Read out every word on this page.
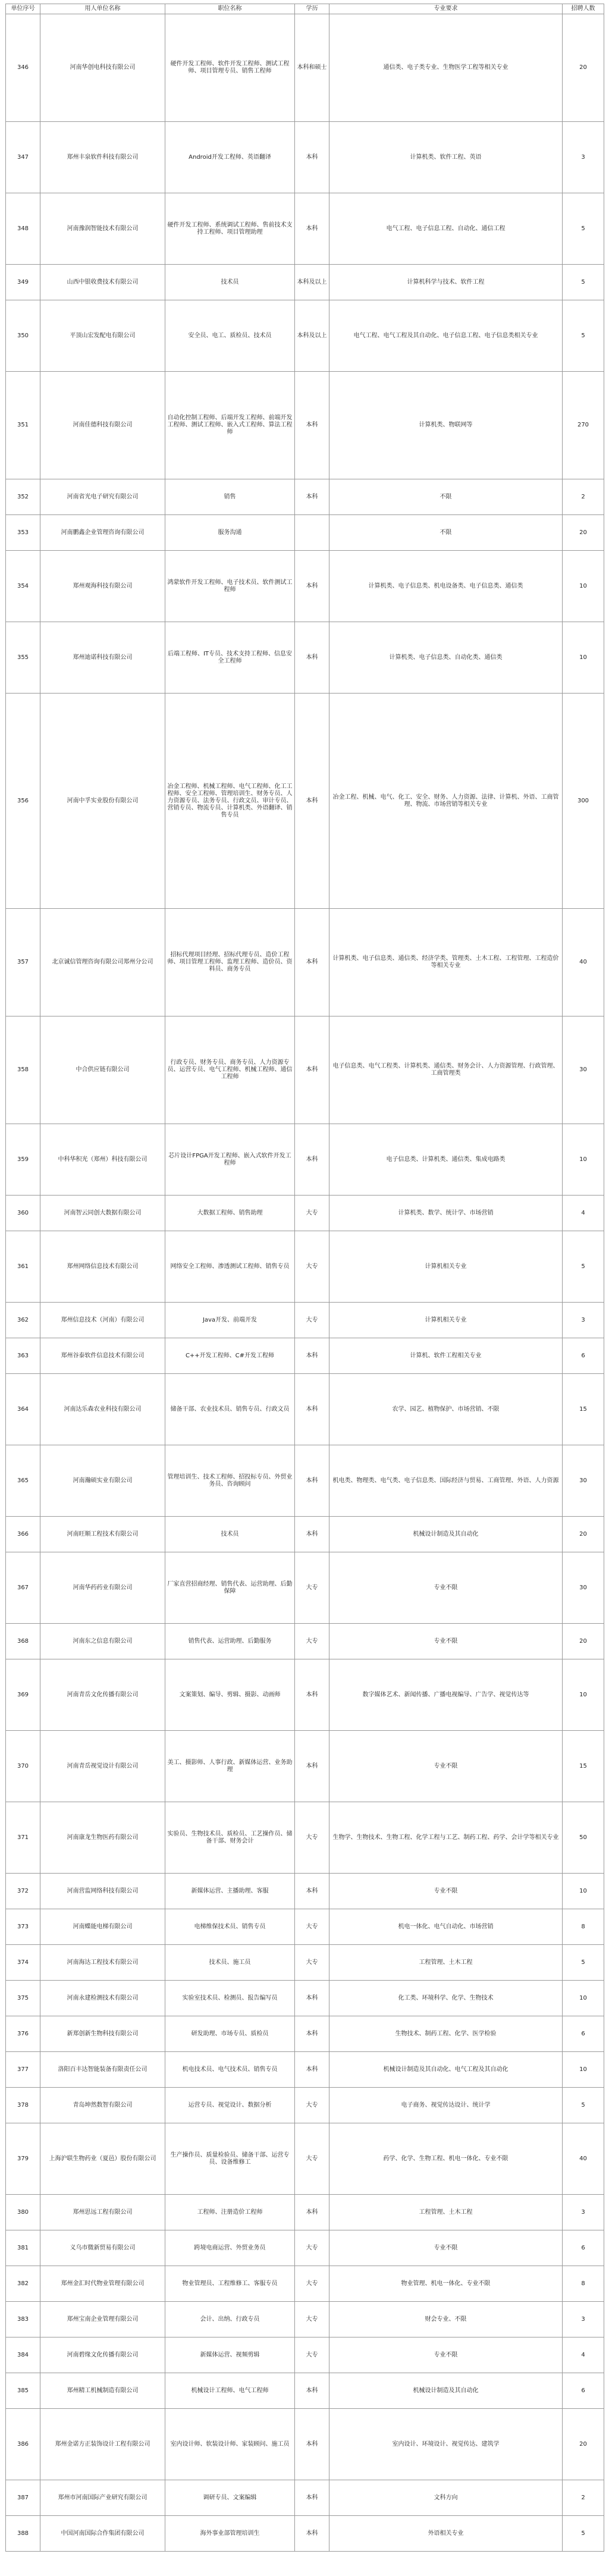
单位序号	用人单位名称	职位名称	学历	专业要求	招聘人数
346	河南华创电科技有限公司	硬件开发工程师、软件开发工程师、测试工程师、项目管理专员、销售工程师	本科和硕士	通信类、电子类专业、生物医学工程等相关专业	20
347	郑州丰泉软件科技有限公司	Android开发工程师、英语翻译	本科	计算机类、软件工程、英语	3
348	河南豫润智能技术有限公司	硬件开发工程师、系统调试工程师、售前技术支持工程师、项目管理助理	本科	电气工程、电子信息工程、自动化、通信工程	5
349	山西中银收费技术有限公司	技术员	本科及以上	计算机科学与技术、软件工程	5
350	平顶山宏发配电有限公司	安全员、电工、质检员、技术员	本科及以上	电气工程、电气工程及其自动化、电子信息工程、电子信息类相关专业	5
351	河南佳德科技有限公司	自动化控制工程师、后端开发工程师、前端开发工程师、测试工程师、嵌入式工程师、算法工程师	本科	计算机类、物联网等	270
352	河南省光电子研究有限公司	销售	本科	不限	2
353	河南鹏鑫企业管理咨询有限公司	服务沟通		不限	20
354	郑州观海科技有限公司	鸿蒙软件开发工程师、电子技术员、软件测试工程师	本科	计算机类、电子信息类、机电设备类、电子信息类、通信类	10
355	郑州迪诺科技有限公司	后端工程师、IT专员、技术支持工程师、信息安全工程师	本科	计算机类、电子信息类、自动化类、通信类	10
356	河南中孚实业股份有限公司	冶金工程师、机械工程师、电气工程师、化工工程师、安全工程师、管理培训生、财务专员、人力资源专员、法务专员、行政文员、审计专员、营销专员、物流专员、计算机类、外语翻译、销售专员	本科	冶金工程、机械、电气、化工、安全、财务、人力资源、法律、计算机、外语、工商管理、物流、市场营销等相关专业	300
357	北京诚信管理咨询有限公司郑州分公司	招标代理项目经理、招标代理专员、造价工程师、项目管理工程师、监理工程师、造价员、资料员、商务专员	本科	计算机类、电子信息类、通信类、经济学类、管理类、土木工程、工程管理、工程造价等相关专业	40
358	中合供应链有限公司	行政专员、财务专员、商务专员、人力资源专员、运营专员、电气工程师、机械工程师、通信工程师	本科	电子信息类、电气工程类、计算机类、通信类、财务会计、人力资源管理、行政管理、工商管理类	30
359	中科华积光（郑州）科技有限公司	芯片设计FPGA开发工程师、嵌入式软件开发工程师	本科	电子信息类、计算机类、通信类、集成电路类	10
360	河南智云同创大数据有限公司	大数据工程师、销售助理	大专	计算机类、数学、统计学、市场营销	4
361	郑州网络信息技术有限公司	网络安全工程师、渗透测试工程师、销售专员	大专	计算机相关专业	5
362	郑州信息技术（河南）有限公司	Java开发、前端开发	大专	计算机相关专业	3
363	郑州谷泰软件信息技术有限公司	C++开发工程师、C#开发工程师	本科	计算机、软件工程相关专业	6
364	河南达乐森农业科技有限公司	储备干部、农业技术员、销售专员、行政文员	本科	农学、园艺、植物保护、市场营销、不限	15
365	河南瀚硕实业有限公司	管理培训生、技术工程师、招投标专员、外贸业务员、咨询顾问	本科	机电类、物理类、电气类、电子信息类、国际经济与贸易、工商管理、外语、人力资源	30
366	河南旺顺工程技术有限公司	技术员	本科	机械设计制造及其自动化	20
367	河南华药药业有限公司	厂家直营招商经理、销售代表、运营助理、后勤保障	大专	专业不限	30
368	河南东之信息有限公司	销售代表、运营助理、后勤服务	大专	专业不限	20
369	河南青岳文化传播有限公司	文案策划、编导、剪辑、摄影、动画师	本科	数字媒体艺术、新闻传播、广播电视编导、广告学、视觉传达等	10
370	河南青岳视觉设计有限公司	美工、摄影师、人事行政、新媒体运营、业务助理	本科	专业不限	15
371	河南康龙生物医药有限公司	实验员、生物技术员、质检员、工艺操作员、储备干部、财务会计	大专	生物学、生物技术、生物工程、化学工程与工艺、制药工程、药学、会计学等相关专业	50
372	河南营监网络科技有限公司	新媒体运营、主播助理、客服	本科	专业不限	10
373	河南蝶能电梯有限公司	电梯维保技术员、销售专员	大专	机电一体化、电气自动化、市场营销	8
374	河南海达工程技术有限公司	技术员、施工员	大专	工程管理、土木工程	5
375	河南永建检测技术有限公司	实验室技术员、检测员、报告编写员	本科	化工类、环境科学、化学、生物技术	10
376	新郑创新生物科技有限公司	研发助理、市场专员、质检员	本科	生物技术、制药工程、化学、医学检验	6
377	洛阳百丰达智能装备有限责任公司	机电技术员、电气技术员、销售专员	本科	机械设计制造及其自动化、电气工程及其自动化	10
378	青岛坤然数智有限公司	运营专员、视觉设计、数据分析	大专	电子商务、视觉传达设计、统计学	5
379	上海沪联生物药业（夏邑）股份有限公司	生产操作员、质量检验员、储备干部、运营专员、设备维修工	大专	药学、化学、生物工程、机电一体化、专业不限	40
380	郑州思远工程有限公司	工程师、注册造价工程师	本科	工程管理、土木工程	3
381	义乌市微新贸易有限公司	跨境电商运营、外贸业务员	大专	专业不限	6
382	郑州金汇时代物业管理有限公司	物业管理员、工程维修工、客服专员	大专	物业管理、机电一体化、专业不限	8
383	郑州宝南企业管理有限公司	会计、出纳、行政专员	大专	财会专业、不限	3
384	河南碧缘文化传播有限公司	新媒体运营、视频剪辑	大专	专业不限	4
385	郑州精工机械制造有限公司	机械设计工程师、电气工程师	本科	机械设计制造及其自动化	6
386	郑州金诺方正装饰设计工程有限公司	室内设计师、软装设计师、家装顾问、施工员	本科	室内设计、环境设计、视觉传达、建筑学	20
387	郑州市河南国际产业研究有限公司	调研专员、文案编辑	本科	文科方向	2
388	中国河南国际合作集团有限公司	海外事业部管理培训生	本科	外语相关专业	5
